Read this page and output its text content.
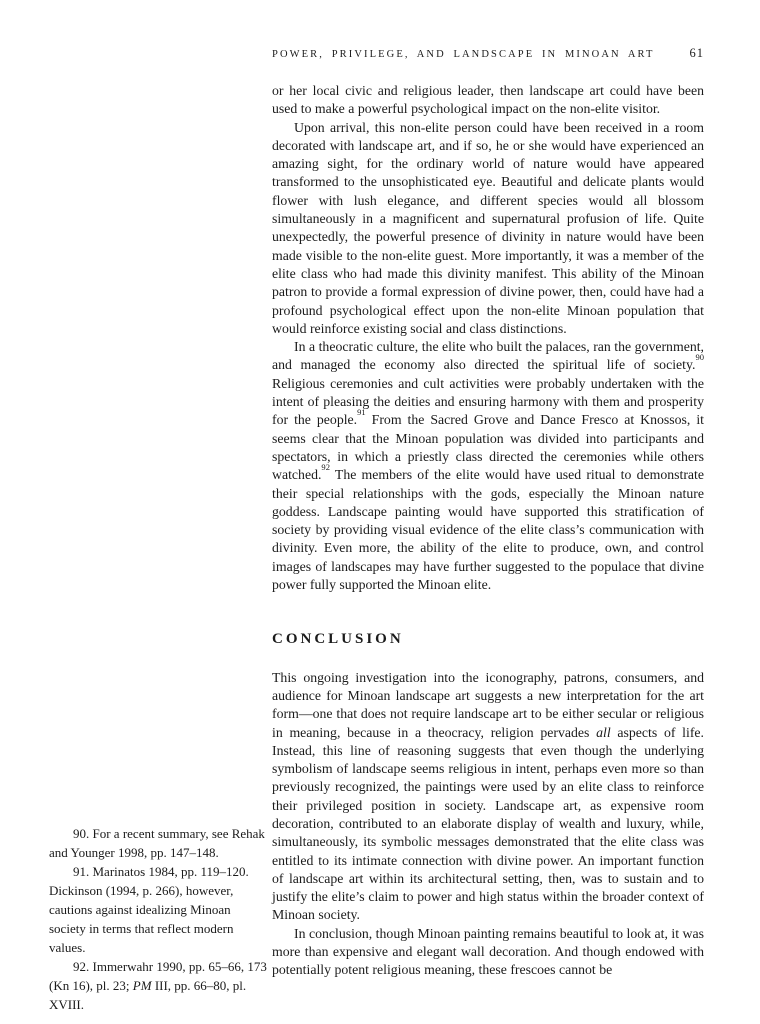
POWER, PRIVILEGE, AND LANDSCAPE IN MINOAN ART	61

or her local civic and religious leader, then landscape art could have been used to make a powerful psychological impact on the non-elite visitor.

Upon arrival, this non-elite person could have been received in a room decorated with landscape art, and if so, he or she would have experienced an amazing sight, for the ordinary world of nature would have appeared transformed to the unsophisticated eye. Beautiful and delicate plants would flower with lush elegance, and different species would all blossom simultaneously in a magnificent and supernatural profusion of life. Quite unexpectedly, the powerful presence of divinity in nature would have been made visible to the non-elite guest. More importantly, it was a member of the elite class who had made this divinity manifest. This ability of the Minoan patron to provide a formal expression of divine power, then, could have had a profound psychological effect upon the non-elite Minoan population that would reinforce existing social and class distinctions.

In a theocratic culture, the elite who built the palaces, ran the government, and managed the economy also directed the spiritual life of society.$^{90}$ Religious ceremonies and cult activities were probably undertaken with the intent of pleasing the deities and ensuring harmony with them and prosperity for the people.$^{91}$ From the Sacred Grove and Dance Fresco at Knossos, it seems clear that the Minoan population was divided into participants and spectators, in which a priestly class directed the ceremonies while others watched.$^{92}$ The members of the elite would have used ritual to demonstrate their special relationships with the gods, especially the Minoan nature goddess. Landscape painting would have supported this stratification of society by providing visual evidence of the elite class’s communication with divinity. Even more, the ability of the elite to produce, own, and control images of landscapes may have further suggested to the populace that divine power fully supported the Minoan elite.

CONCLUSION

This ongoing investigation into the iconography, patrons, consumers, and audience for Minoan landscape art suggests a new interpretation for the art form—one that does not require landscape art to be either secular or religious in meaning, because in a theocracy, religion pervades all aspects of life. Instead, this line of reasoning suggests that even though the underlying symbolism of landscape seems religious in intent, perhaps even more so than previously recognized, the paintings were used by an elite class to reinforce their privileged position in society. Landscape art, as expensive room decoration, contributed to an elaborate display of wealth and luxury, while, simultaneously, its symbolic messages demonstrated that the elite class was entitled to its intimate connection with divine power. An important function of landscape art within its architectural setting, then, was to sustain and to justify the elite’s claim to power and high status within the broader context of Minoan society.

In conclusion, though Minoan painting remains beautiful to look at, it was more than expensive and elegant wall decoration. And though endowed with potentially potent religious meaning, these frescoes cannot be

90. For a recent summary, see Rehak and Younger 1998, pp. 147–148.

91. Marinatos 1984, pp. 119–120. Dickinson (1994, p. 266), however, cautions against idealizing Minoan society in terms that reflect modern values.

92. Immerwahr 1990, pp. 65–66, 173 (Kn 16), pl. 23; PM III, pp. 66–80, pl. XVIII.
